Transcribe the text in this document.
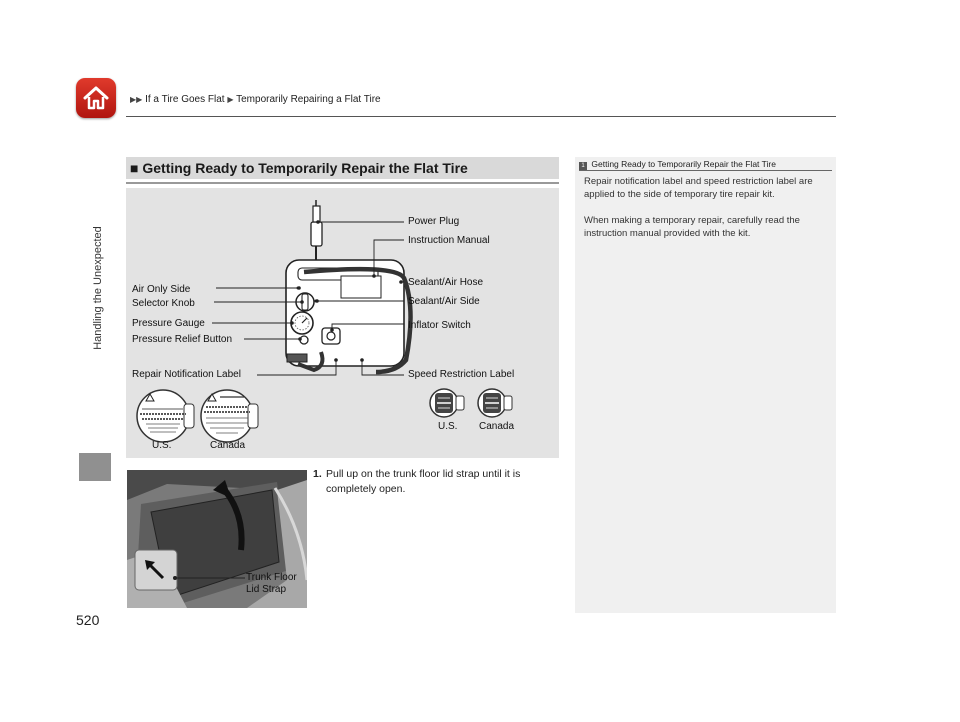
▶▶ If a Tire Goes Flat ▶ Temporarily Repairing a Flat Tire
Handling the Unexpected
520
■ Getting Ready to Temporarily Repair the Flat Tire
Power Plug
Instruction Manual
Sealant/Air Hose
Air Only Side
Selector Knob	Sealant/Air Side
Pressure Gauge	Inflator Switch
Pressure Relief Button
Repair Notification Label	Speed Restriction Label
U.S.	Canada
U.S. Canada
1. Pull up on the trunk floor lid strap until it is completely open.
Trunk Floor
Lid Strap
1 Getting Ready to Temporarily Repair the Flat Tire
Repair notification label and speed restriction label are applied to the side of temporary tire repair kit.
When making a temporary repair, carefully read the instruction manual provided with the kit.
